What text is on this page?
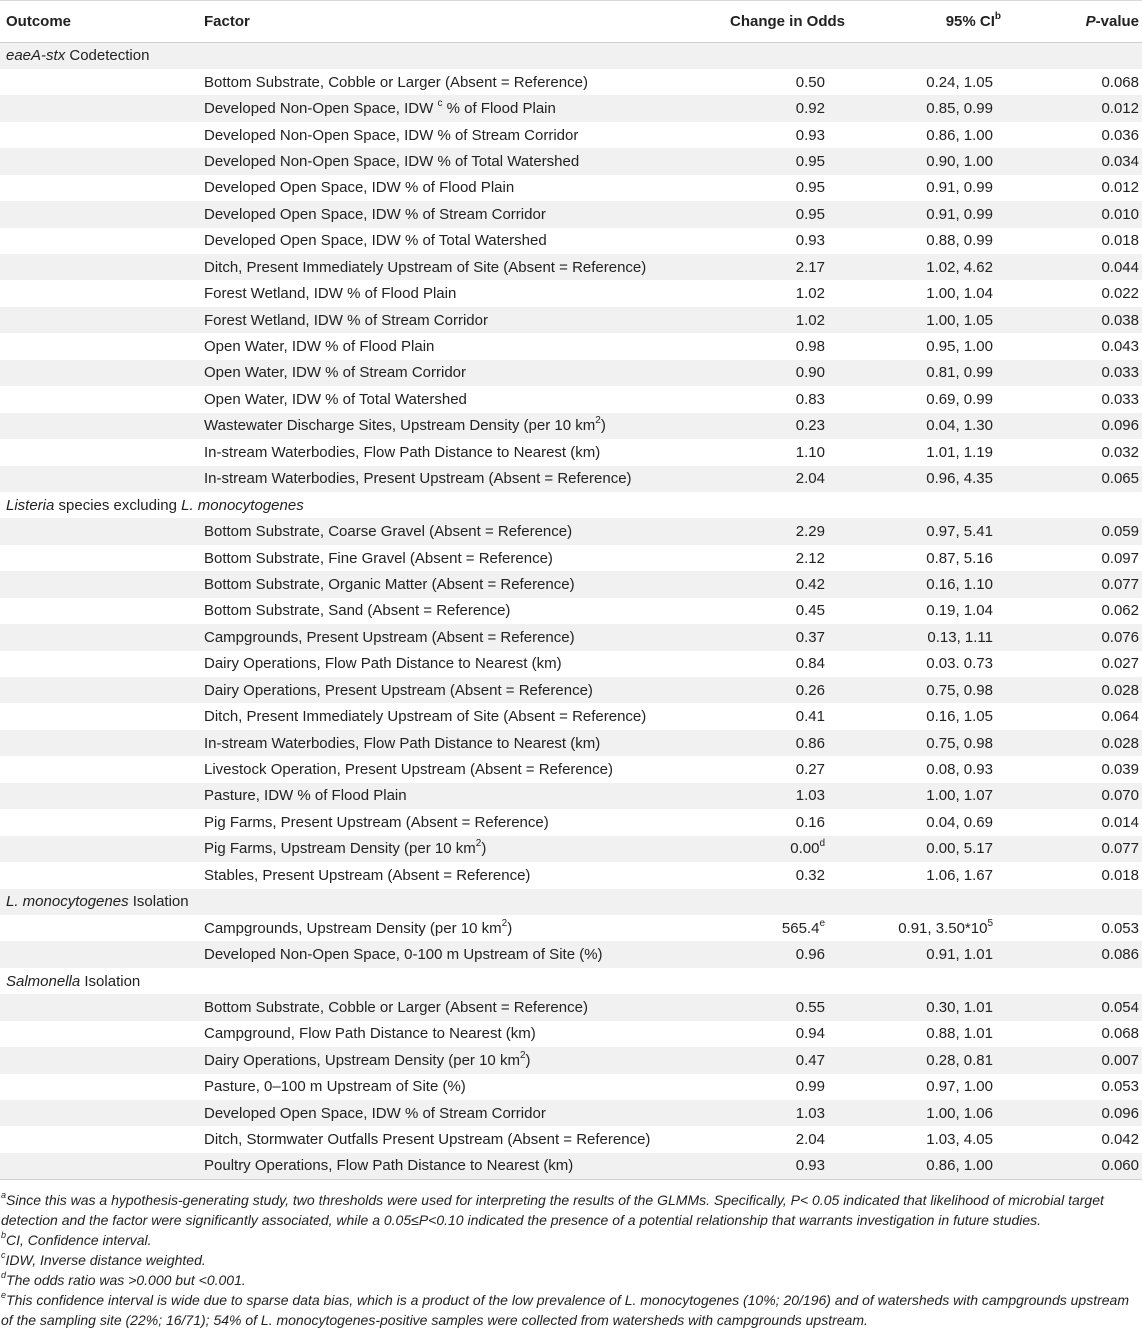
Outcome	Factor	Change in Odds	95% $CI^b$	P-value
eaeA-stx Codetection				
	Bottom Substrate, Cobble or Larger (Absent = Reference)	0.50	0.24, 1.05	0.068
	Developed Non-Open Space, IDW $^c$ % of Flood Plain	0.92	0.85, 0.99	0.012
	Developed Non-Open Space, IDW % of Stream Corridor	0.93	0.86, 1.00	0.036
	Developed Non-Open Space, IDW % of Total Watershed	0.95	0.90, 1.00	0.034
	Developed Open Space, IDW % of Flood Plain	0.95	0.91, 0.99	0.012
	Developed Open Space, IDW % of Stream Corridor	0.95	0.91, 0.99	0.010
	Developed Open Space, IDW % of Total Watershed	0.93	0.88, 0.99	0.018
	Ditch, Present Immediately Upstream of Site (Absent = Reference)	2.17	1.02, 4.62	0.044
	Forest Wetland, IDW % of Flood Plain	1.02	1.00, 1.04	0.022
	Forest Wetland, IDW % of Stream Corridor	1.02	1.00, 1.05	0.038
	Open Water, IDW % of Flood Plain	0.98	0.95, 1.00	0.043
	Open Water, IDW % of Stream Corridor	0.90	0.81, 0.99	0.033
	Open Water, IDW % of Total Watershed	0.83	0.69, 0.99	0.033
	Wastewater Discharge Sites, Upstream Density (per 10 $km^2$)	0.23	0.04, 1.30	0.096
	In-stream Waterbodies, Flow Path Distance to Nearest (km)	1.10	1.01, 1.19	0.032
	In-stream Waterbodies, Present Upstream (Absent = Reference)	2.04	0.96, 4.35	0.065
Listeria species excluding L. monocytogenes				
	Bottom Substrate, Coarse Gravel (Absent = Reference)	2.29	0.97, 5.41	0.059
	Bottom Substrate, Fine Gravel (Absent = Reference)	2.12	0.87, 5.16	0.097
	Bottom Substrate, Organic Matter (Absent = Reference)	0.42	0.16, 1.10	0.077
	Bottom Substrate, Sand (Absent = Reference)	0.45	0.19, 1.04	0.062
	Campgrounds, Present Upstream (Absent = Reference)	0.37	0.13, 1.11	0.076
	Dairy Operations, Flow Path Distance to Nearest (km)	0.84	0.03. 0.73	0.027
	Dairy Operations, Present Upstream (Absent = Reference)	0.26	0.75, 0.98	0.028
	Ditch, Present Immediately Upstream of Site (Absent = Reference)	0.41	0.16, 1.05	0.064
	In-stream Waterbodies, Flow Path Distance to Nearest (km)	0.86	0.75, 0.98	0.028
	Livestock Operation, Present Upstream (Absent = Reference)	0.27	0.08, 0.93	0.039
	Pasture, IDW % of Flood Plain	1.03	1.00, 1.07	0.070
	Pig Farms, Present Upstream (Absent = Reference)	0.16	0.04, 0.69	0.014
	Pig Farms, Upstream Density (per 10 $km^2$)	0.00$^d$	0.00, 5.17	0.077
	Stables, Present Upstream (Absent = Reference)	0.32	1.06, 1.67	0.018
L. monocytogenes Isolation				
	Campgrounds, Upstream Density (per 10 $km^2$)	565.4e	0.91, $3.50*10^5$	0.053
	Developed Non-Open Space, 0-100 m Upstream of Site (%)	0.96	0.91, 1.01	0.086
Salmonella Isolation				
	Bottom Substrate, Cobble or Larger (Absent = Reference)	0.55	0.30, 1.01	0.054
	Campground, Flow Path Distance to Nearest (km)	0.94	0.88, 1.01	0.068
	Dairy Operations, Upstream Density (per 10 $km^2$)	0.47	0.28, 0.81	0.007
	Pasture, 0–100 m Upstream of Site (%)	0.99	0.97, 1.00	0.053
	Developed Open Space, IDW % of Stream Corridor	1.03	1.00, 1.06	0.096
	Ditch, Stormwater Outfalls Present Upstream (Absent = Reference)	2.04	1.03, 4.05	0.042
	Poultry Operations, Flow Path Distance to Nearest (km)	0.93	0.86, 1.00	0.060

$^a$Since this was a hypothesis-generating study, two thresholds were used for interpreting the results of the GLMMs. Specifically, P< 0.05 indicated that likelihood of microbial target detection and the factor were significantly associated, while a 0.05≤P<0.10 indicated the presence of a potential relationship that warrants investigation in future studies.

$^b$CI, Confidence interval.

$^c$IDW, Inverse distance weighted.

$^d$The odds ratio was >0.000 but <0.001.

$^e$This confidence interval is wide due to sparse data bias, which is a product of the low prevalence of L. monocytogenes (10%; 20/196) and of watersheds with campgrounds upstream of the sampling site (22%; 16/71); 54% of L. monocytogenes-positive samples were collected from watersheds with campgrounds upstream.
